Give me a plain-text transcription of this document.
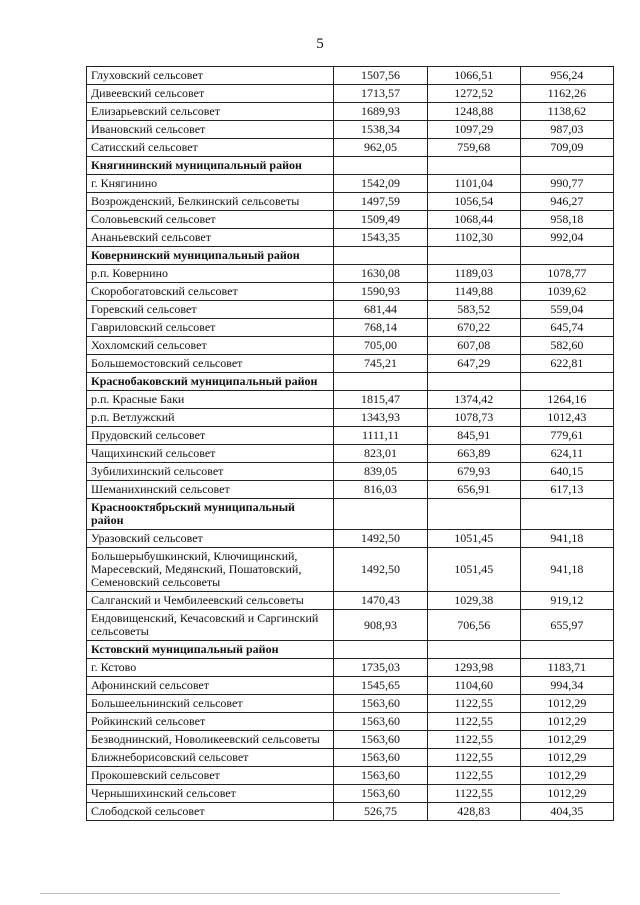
5
Глуховский сельсовет	1507,56	1066,51	956,24
Дивеевский сельсовет	1713,57	1272,52	1162,26
Елизарьевский сельсовет	1689,93	1248,88	1138,62
Ивановский сельсовет	1538,34	1097,29	987,03
Сатисский сельсовет	962,05	759,68	709,09
Княгининский муниципальный район			
г. Княгинино	1542,09	1101,04	990,77
Возрожденский, Белкинский сельсоветы	1497,59	1056,54	946,27
Соловьевский сельсовет	1509,49	1068,44	958,18
Ананьевский сельсовет	1543,35	1102,30	992,04
Ковернинский муниципальный район			
р.п. Ковернино	1630,08	1189,03	1078,77
Скоробогатовский сельсовет	1590,93	1149,88	1039,62
Горевский сельсовет	681,44	583,52	559,04
Гавриловский сельсовет	768,14	670,22	645,74
Хохломский сельсовет	705,00	607,08	582,60
Большемостовский сельсовет	745,21	647,29	622,81
Краснобаковский муниципальный район			
р.п. Красные Баки	1815,47	1374,42	1264,16
р.п. Ветлужский	1343,93	1078,73	1012,43
Прудовский сельсовет	1111,11	845,91	779,61
Чащихинский сельсовет	823,01	663,89	624,11
Зубилихинский сельсовет	839,05	679,93	640,15
Шеманихинский сельсовет	816,03	656,91	617,13
Краснооктябрьский муниципальный район			
Уразовский сельсовет	1492,50	1051,45	941,18
Большерыбушкинский, Ключищинский, Маресевский, Медянский, Пошатовский, Семеновский сельсоветы	1492,50	1051,45	941,18
Салганский и Чембилеевский сельсоветы	1470,43	1029,38	919,12
Ендовищенский, Кечасовский и Саргинский сельсоветы	908,93	706,56	655,97
Кстовский муниципальный район			
г. Кстово	1735,03	1293,98	1183,71
Афонинский сельсовет	1545,65	1104,60	994,34
Большеельнинский сельсовет	1563,60	1122,55	1012,29
Ройкинский сельсовет	1563,60	1122,55	1012,29
Безводнинский, Новоликеевский сельсоветы	1563,60	1122,55	1012,29
Ближнеборисовский сельсовет	1563,60	1122,55	1012,29
Прокошевский сельсовет	1563,60	1122,55	1012,29
Чернышихинский сельсовет	1563,60	1122,55	1012,29
Слободской сельсовет	526,75	428,83	404,35
